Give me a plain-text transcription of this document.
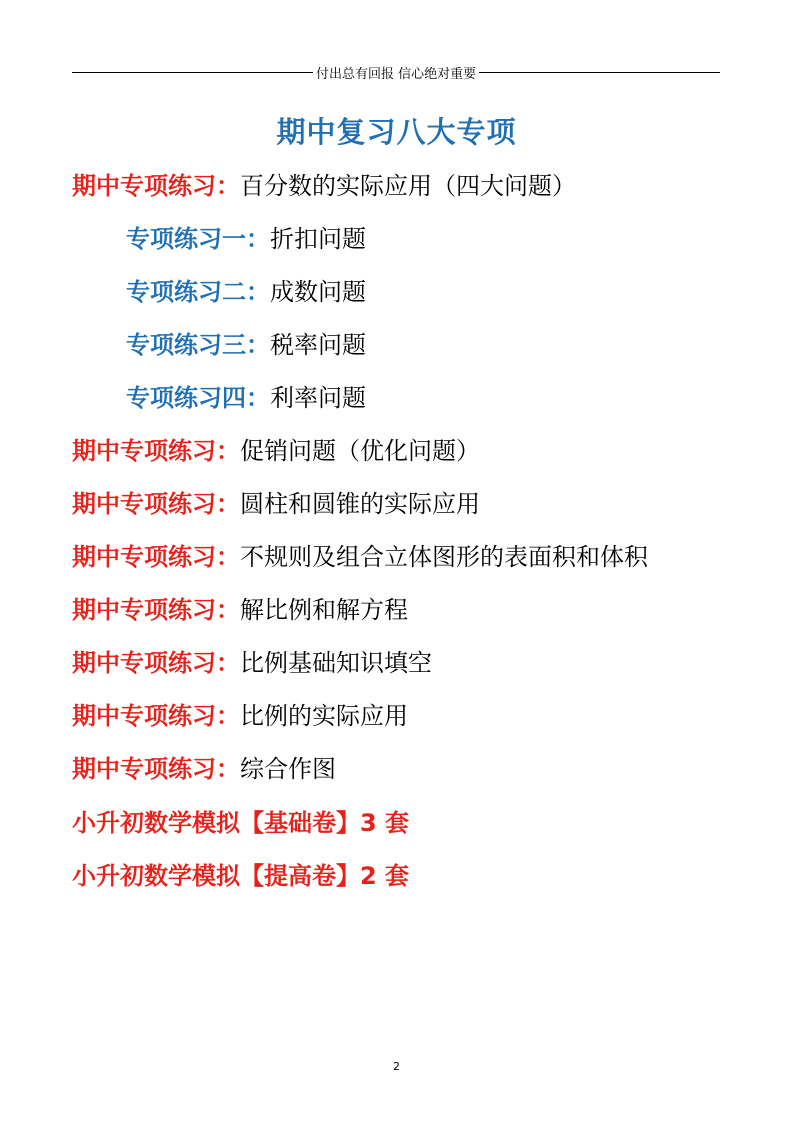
付出总有回报 信心绝对重要
期中复习八大专项
期中专项练习：百分数的实际应用（四大问题）
专项练习一：折扣问题
专项练习二：成数问题
专项练习三：税率问题
专项练习四：利率问题
期中专项练习：促销问题（优化问题）
期中专项练习：圆柱和圆锥的实际应用
期中专项练习：不规则及组合立体图形的表面积和体积
期中专项练习：解比例和解方程
期中专项练习：比例基础知识填空
期中专项练习：比例的实际应用
期中专项练习：综合作图
小升初数学模拟【基础卷】3 套
小升初数学模拟【提高卷】2 套
2
